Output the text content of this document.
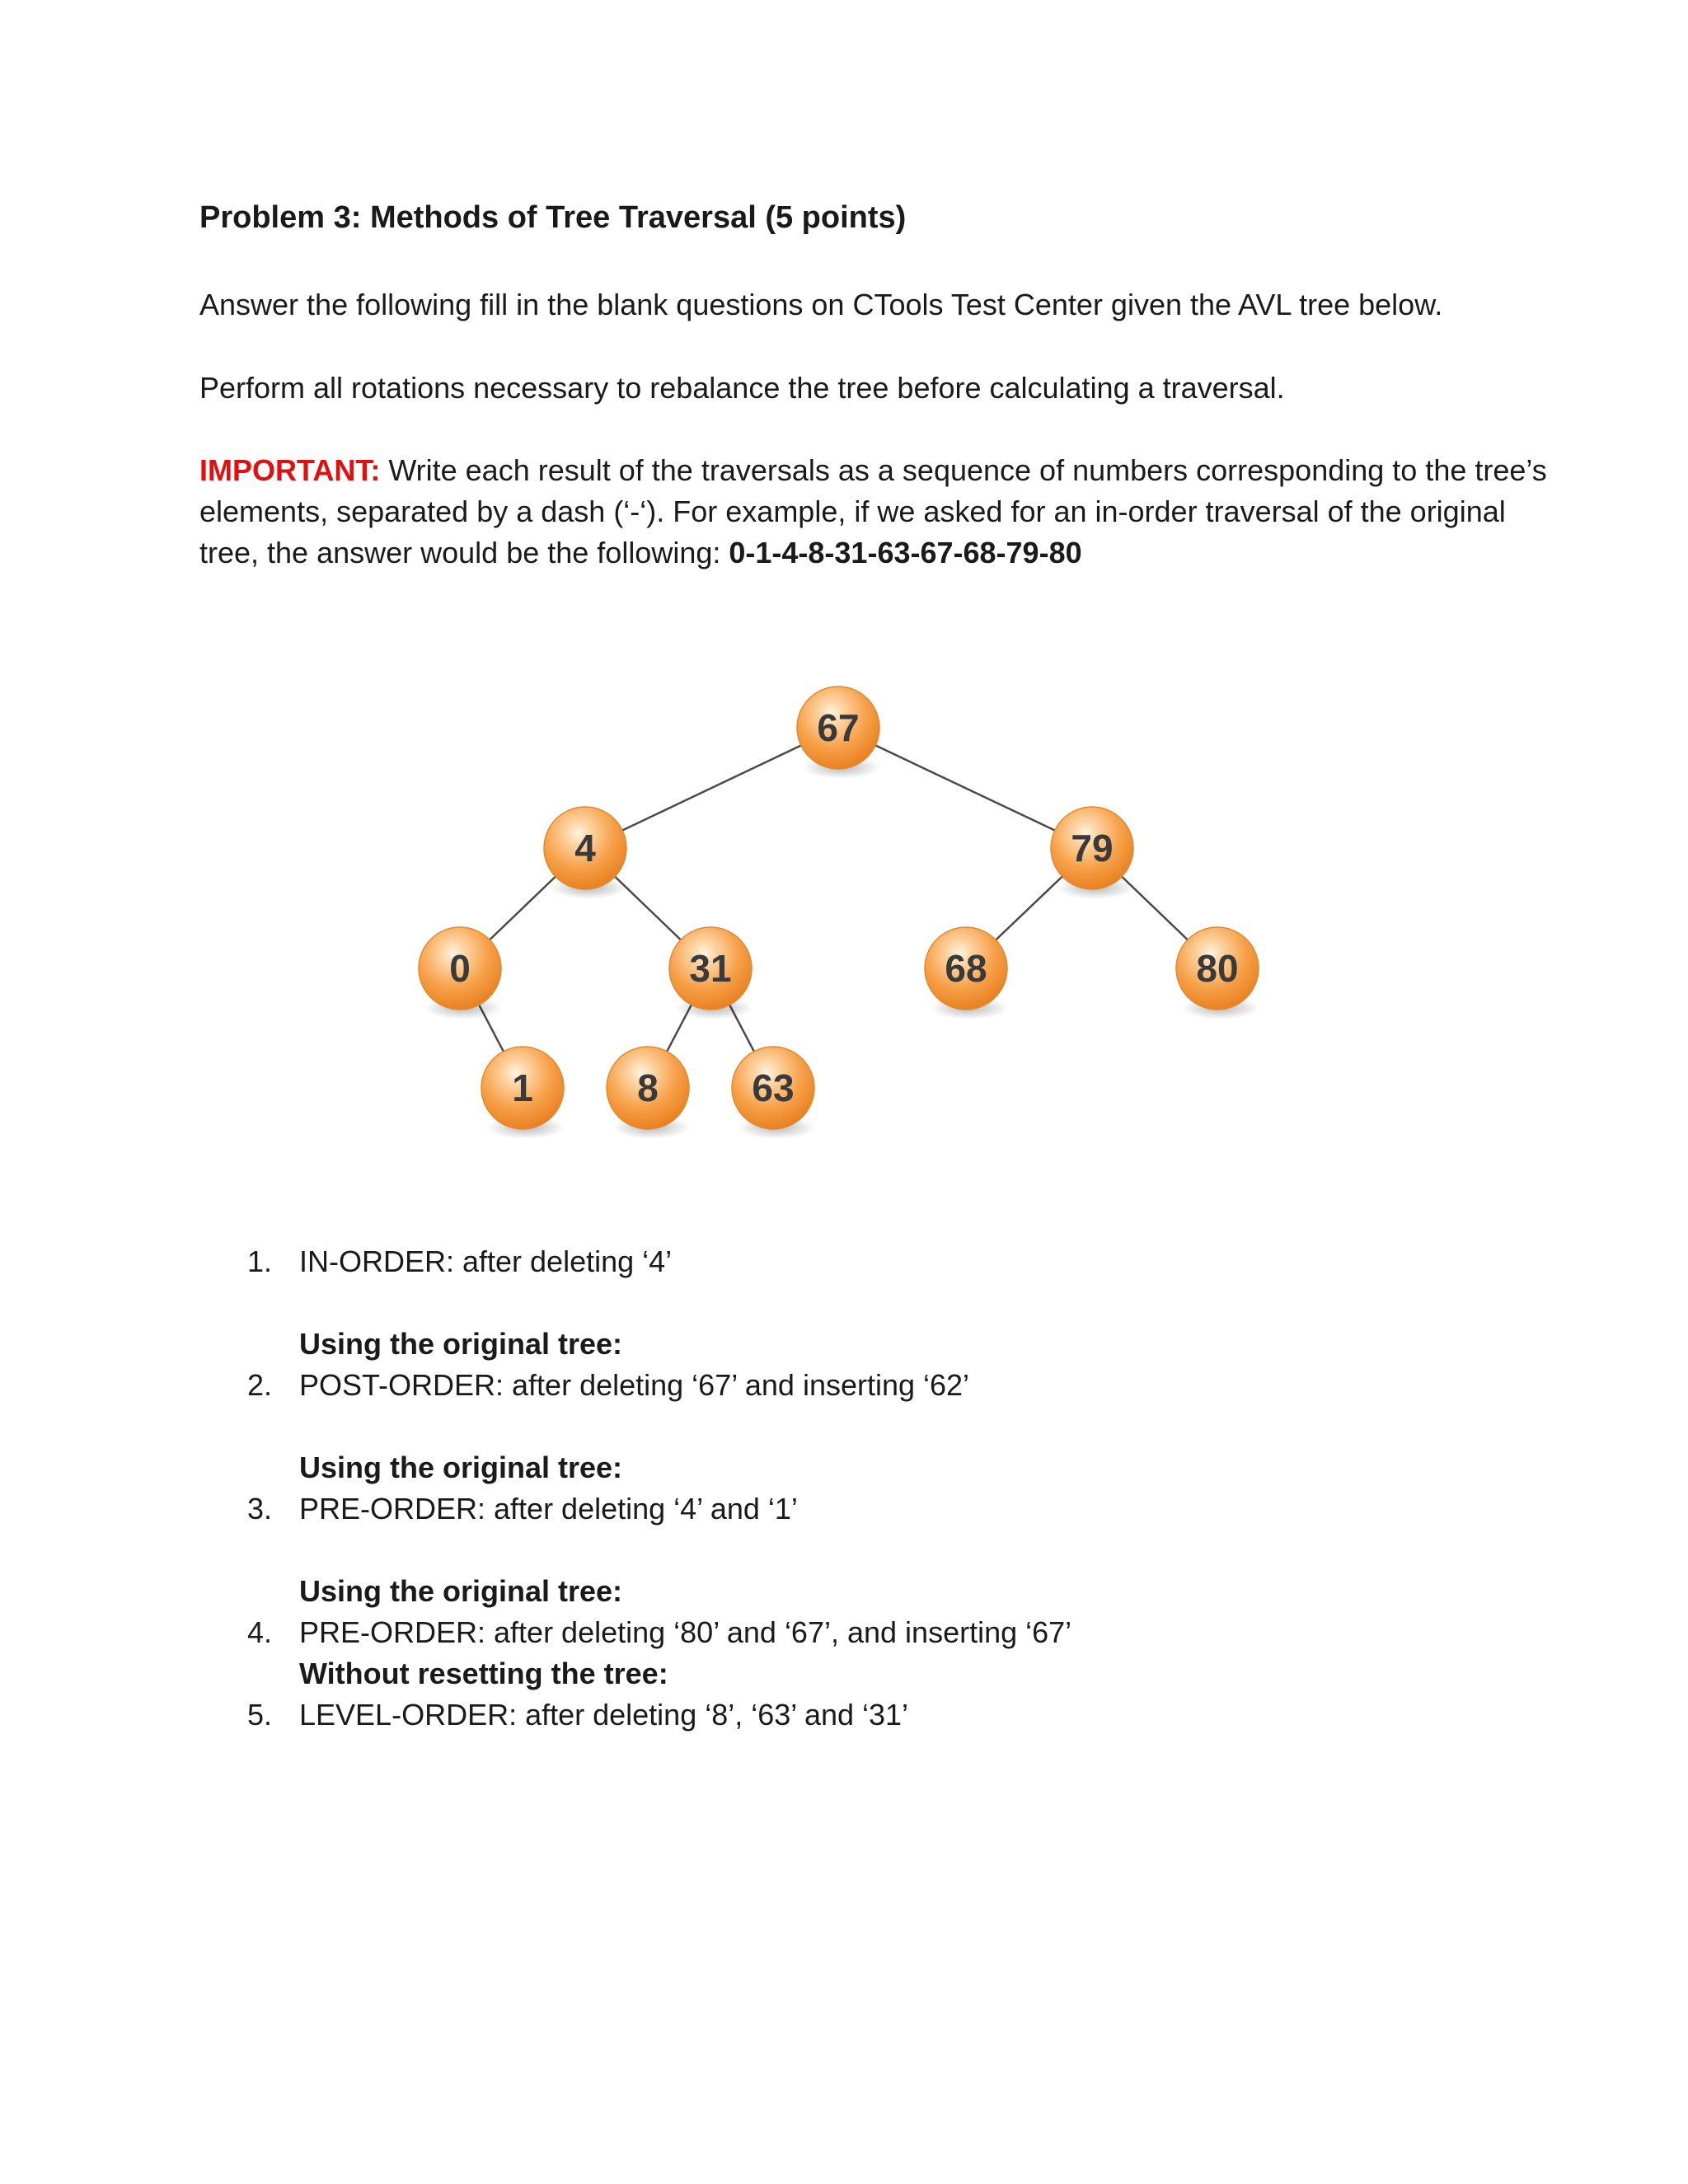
Problem 3: Methods of Tree Traversal (5 points)

Answer the following fill in the blank questions on CTools Test Center given the AVL tree below.

Perform all rotations necessary to rebalance the tree before calculating a traversal.

IMPORTANT: Write each result of the traversals as a sequence of numbers corresponding to the tree’s elements, separated by a dash (‘-‘). For example, if we asked for an in-order traversal of the original tree, the answer would be the following: 0-1-4-8-31-63-67-68-79-80

67
4	79
0	31	68	80
1	8 63
Using the original tree:
Using the original tree:
Using the original tree:
Without resetting the tree:
1. IN-ORDER: after deleting ‘4’
2. POST-ORDER: after deleting ‘67’ and inserting ‘62’
3. PRE-ORDER: after deleting ‘4’ and ‘1’
4. PRE-ORDER: after deleting ‘80’ and ‘67’, and inserting ‘67’
5. LEVEL-ORDER: after deleting ‘8’, ‘63’ and ‘31’
